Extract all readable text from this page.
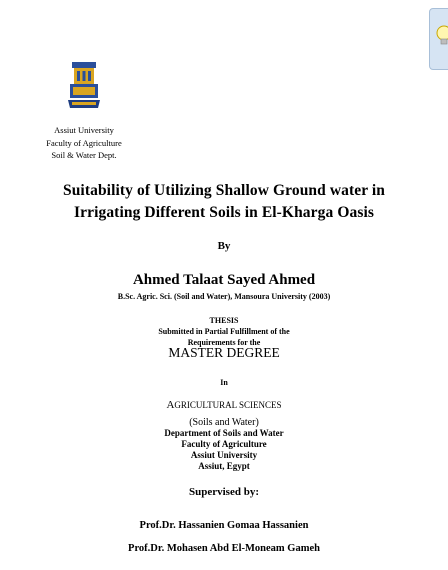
Assiut University
Faculty of Agriculture
Soil & Water Dept.
Suitability of Utilizing Shallow Ground water in
Irrigating Different Soils in El-Kharga Oasis
By
Ahmed Talaat Sayed Ahmed
B.Sc. Agric. Sci. (Soil and Water), Mansoura University (2003)
THESIS
Submitted in Partial Fulfillment of the
Requirements for the
MASTER DEGREE
In
AGRICULTURAL SCIENCES
(Soils and Water)
Department of Soils and Water
Faculty of Agriculture
Assiut University
Assiut, Egypt
Supervised by:
Prof.Dr. Hassanien Gomaa Hassanien
Prof.Dr. Mohasen Abd El-Moneam Gameh
